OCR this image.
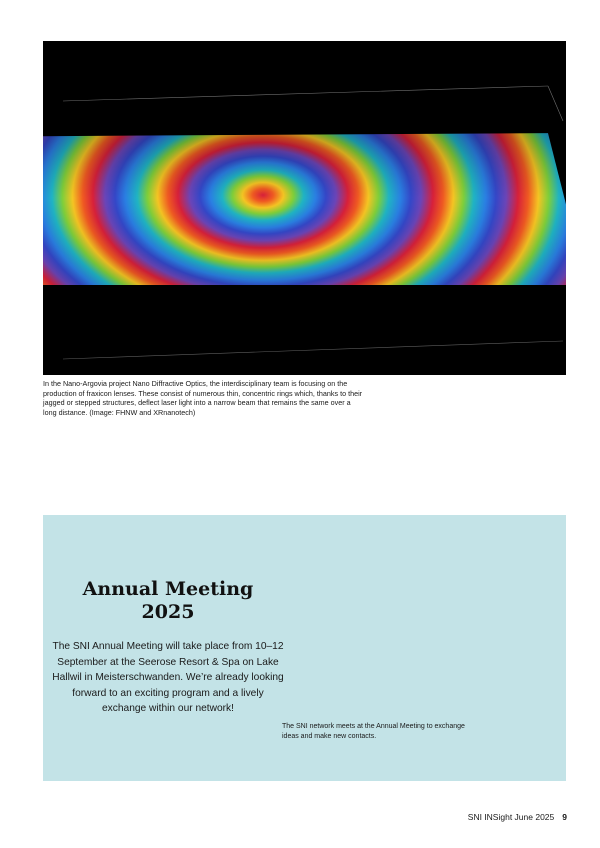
In the Nano-Argovia project Nano Diffractive Optics, the interdisciplinary team is focusing on the production of fraxicon lenses. These consist of numerous thin, concentric rings which, thanks to their jagged or stepped structures, deflect laser light into a narrow beam that remains the same over a long distance. (Image: FHNW and XRnanotech)

Annual Meeting
2025

The SNI Annual Meeting will take place from 10–12 September at the Seerose Resort & Spa on Lake Hallwil in Meisterschwanden. We’re already looking forward to an exciting program and a lively exchange within our network!

The SNI network meets at the Annual Meeting to exchange ideas and make new contacts.

SNI INSight June 2025 9
